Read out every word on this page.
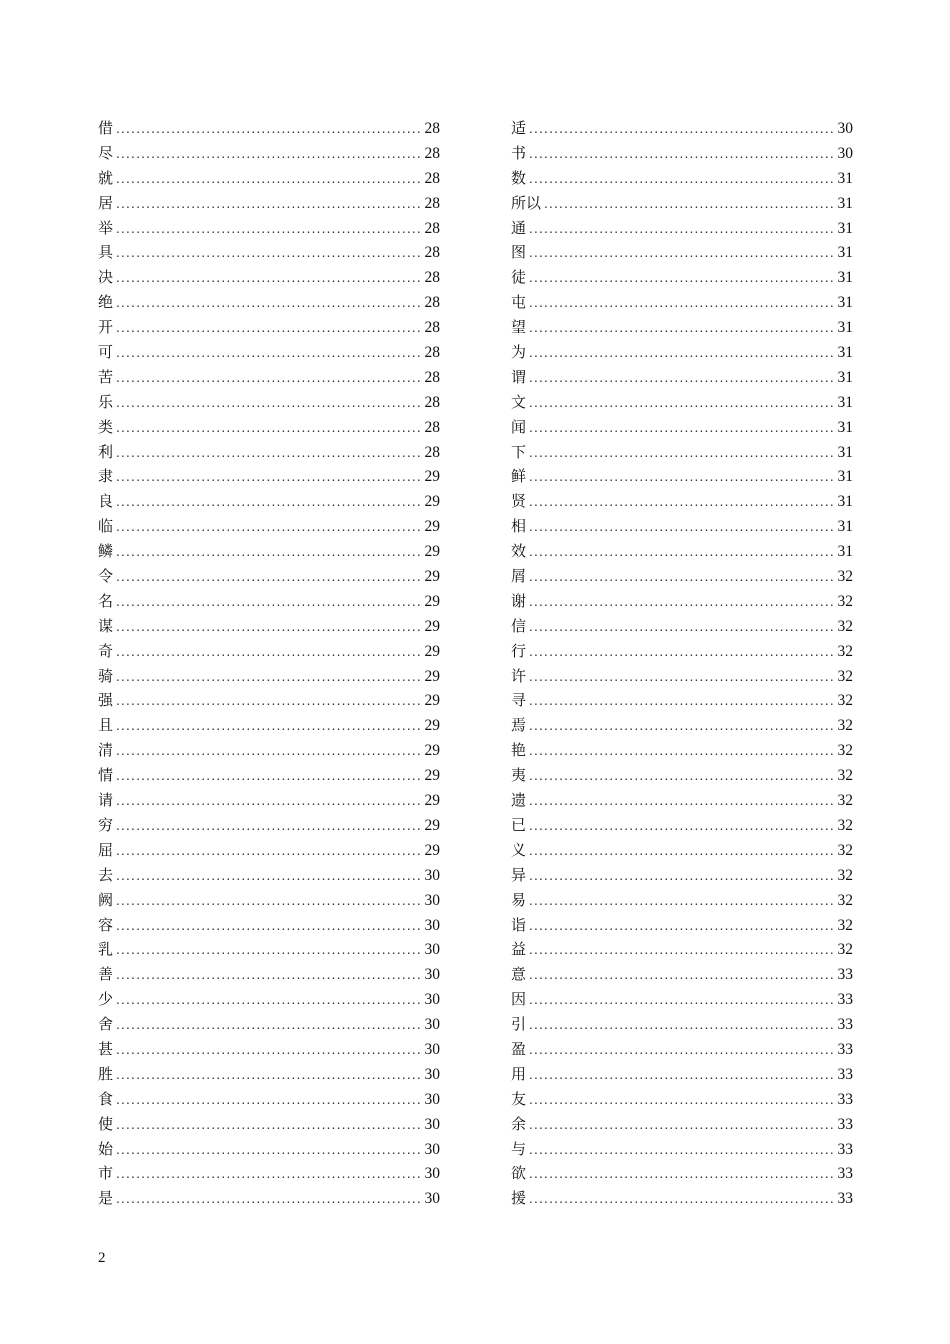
借 .....	28
尽 .....	28
就 .....	28
居 .....	28
举 .....	28
具 .....	28
决 .....	28
绝 .....	28
开 .....	28
可 .....	28
苦 .....	28
乐 .....	28
类 .....	28
利 .....	28
隶 .....	29
良 .....	29
临 .....	29
鳞 .....	29
令 .....	29
名 .....	29
谋 .....	29
奇 .....	29
骑 .....	29
强 .....	29
且 .....	29
清 .....	29
情 .....	29
请 .....	29
穷 .....	29
屈 .....	29
去 .....	30
阙 .....	30
容 .....	30
乳 .....	30
善 .....	30
少 .....	30
舍 .....	30
甚 .....	30
胜 .....	30
食 .....	30
使 .....	30
始 .....	30
市 .....	30
是 .....	30
适 .....	30
书 .....	30
数 .....	31
所以 .....	31
通 .....	31
图 .....	31
徒 .....	31
屯 .....	31
望 .....	31
为 .....	31
谓 .....	31
文 .....	31
闻 .....	31
下 .....	31
鲜 .....	31
贤 .....	31
相 .....	31
效 .....	31
屑 .....	32
谢 .....	32
信 .....	32
行 .....	32
许 .....	32
寻 .....	32
焉 .....	32
艳 .....	32
夷 .....	32
遗 .....	32
已 .....	32
义 .....	32
异 .....	32
易 .....	32
诣 .....	32
益 .....	32
意 .....	33
因 .....	33
引 .....	33
盈 .....	33
用 .....	33
友 .....	33
余 .....	33
与 .....	33
欲 .....	33
援 .....	33
2
